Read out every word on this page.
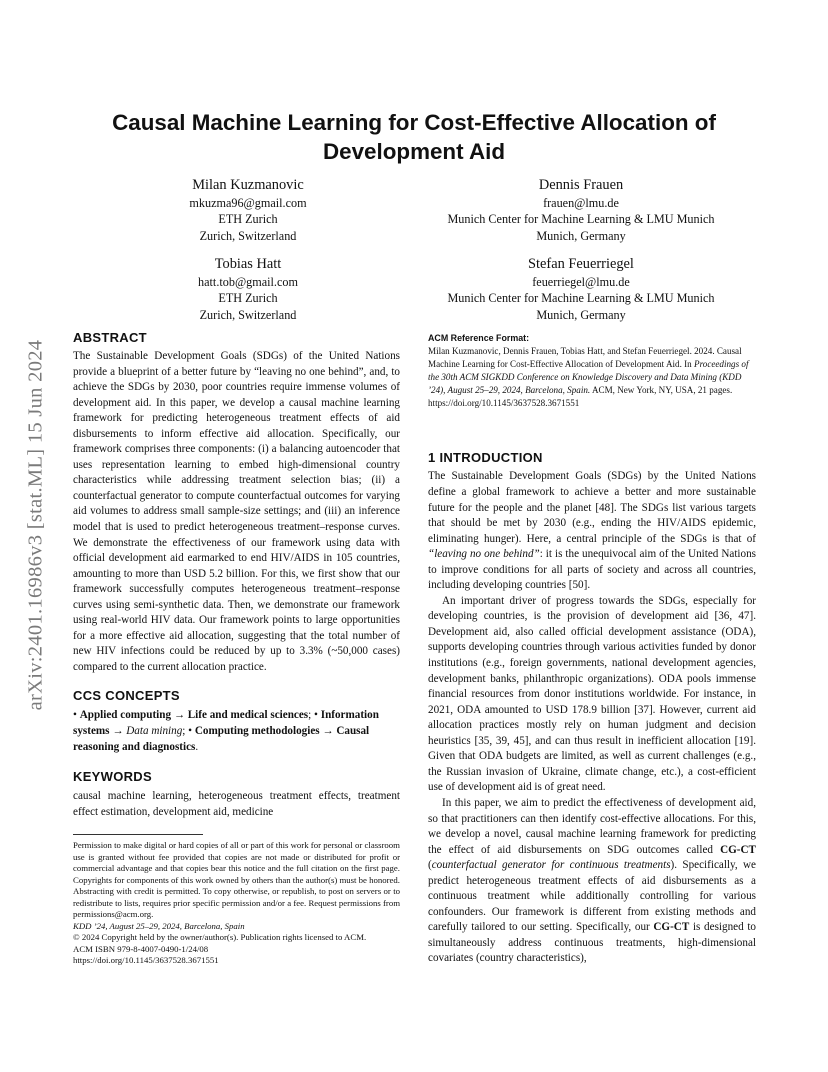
arXiv:2401.16986v3 [stat.ML] 15 Jun 2024
Causal Machine Learning for Cost-Effective Allocation of Development Aid
Milan Kuzmanovic
mkuzma96@gmail.com
ETH Zurich
Zurich, Switzerland
Dennis Frauen
frauen@lmu.de
Munich Center for Machine Learning & LMU Munich
Munich, Germany
Tobias Hatt
hatt.tob@gmail.com
ETH Zurich
Zurich, Switzerland
Stefan Feuerriegel
feuerriegel@lmu.de
Munich Center for Machine Learning & LMU Munich
Munich, Germany
ABSTRACT

The Sustainable Development Goals (SDGs) of the United Nations provide a blueprint of a better future by “leaving no one behind”, and, to achieve the SDGs by 2030, poor countries require immense volumes of development aid. In this paper, we develop a causal machine learning framework for predicting heterogeneous treatment effects of aid disbursements to inform effective aid allocation. Specifically, our framework comprises three components: (i) a balancing autoencoder that uses representation learning to embed high-dimensional country characteristics while addressing treatment selection bias; (ii) a counterfactual generator to compute counterfactual outcomes for varying aid volumes to address small sample-size settings; and (iii) an inference model that is used to predict heterogeneous treatment–response curves. We demonstrate the effectiveness of our framework using data with official development aid earmarked to end HIV/AIDS in 105 countries, amounting to more than USD 5.2 billion. For this, we first show that our framework successfully computes heterogeneous treatment–response curves using semi-synthetic data. Then, we demonstrate our framework using real-world HIV data. Our framework points to large opportunities for a more effective aid allocation, suggesting that the total number of new HIV infections could be reduced by up to 3.3% (~50,000 cases) compared to the current allocation practice.

CCS CONCEPTS

• Applied computing → Life and medical sciences; • Information systems → Data mining; • Computing methodologies → Causal reasoning and diagnostics.

KEYWORDS

causal machine learning, heterogeneous treatment effects, treatment effect estimation, development aid, medicine

Permission to make digital or hard copies of all or part of this work for personal or classroom use is granted without fee provided that copies are not made or distributed for profit or commercial advantage and that copies bear this notice and the full citation on the first page. Copyrights for components of this work owned by others than the author(s) must be honored. Abstracting with credit is permitted. To copy otherwise, or republish, to post on servers or to redistribute to lists, requires prior specific permission and/or a fee. Request permissions from permissions@acm.org.

KDD ’24, August 25–29, 2024, Barcelona, Spain

© 2024 Copyright held by the owner/author(s). Publication rights licensed to ACM.

ACM ISBN 979-8-4007-0490-1/24/08

https://doi.org/10.1145/3637528.3671551

ACM Reference Format:

Milan Kuzmanovic, Dennis Frauen, Tobias Hatt, and Stefan Feuerriegel. 2024. Causal Machine Learning for Cost-Effective Allocation of Development Aid. In Proceedings of the 30th ACM SIGKDD Conference on Knowledge Discovery and Data Mining (KDD ’24), August 25–29, 2024, Barcelona, Spain. ACM, New York, NY, USA, 21 pages. https://doi.org/10.1145/3637528.3671551

1 INTRODUCTION

The Sustainable Development Goals (SDGs) by the United Nations define a global framework to achieve a better and more sustainable future for the people and the planet [48]. The SDGs list various targets that should be met by 2030 (e.g., ending the HIV/AIDS epidemic, eliminating hunger). Here, a central principle of the SDGs is that of “leaving no one behind”: it is the unequivocal aim of the United Nations to improve conditions for all parts of society and across all countries, including developing countries [50].

An important driver of progress towards the SDGs, especially for developing countries, is the provision of development aid [36, 47]. Development aid, also called official development assistance (ODA), supports developing countries through various activities funded by donor institutions (e.g., foreign governments, national development agencies, development banks, philanthropic organizations). ODA pools immense financial resources from donor institutions worldwide. For instance, in 2021, ODA amounted to USD 178.9 billion [37]. However, current aid allocation practices mostly rely on human judgment and decision heuristics [35, 39, 45], and can thus result in inefficient allocation [19]. Given that ODA budgets are limited, as well as current challenges (e.g., the Russian invasion of Ukraine, climate change, etc.), a cost-efficient use of development aid is of great need.

In this paper, we aim to predict the effectiveness of development aid, so that practitioners can then identify cost-effective allocations. For this, we develop a novel, causal machine learning framework for predicting the effect of aid disbursements on SDG outcomes called CG-CT (counterfactual generator for continuous treatments). Specifically, we predict heterogeneous treatment effects of aid disbursements as a continuous treatment while additionally controlling for various confounders. Our framework is different from existing methods and carefully tailored to our setting. Specifically, our CG-CT is designed to simultaneously address continuous treatments, high-dimensional covariates (country characteristics),
